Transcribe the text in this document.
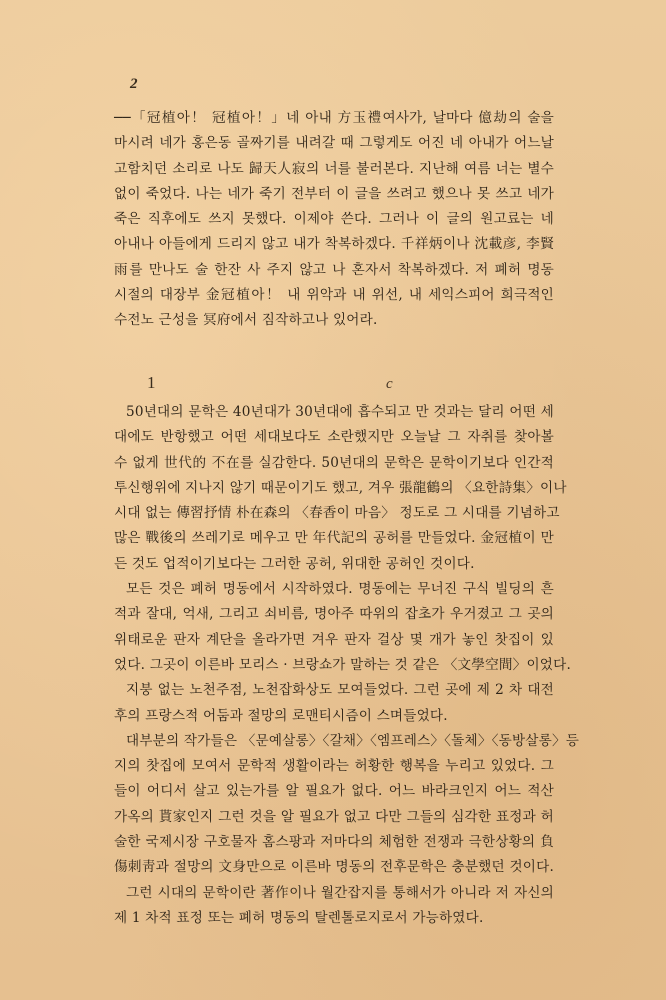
2
──「冠植아！ 冠植아！」네 아내 方玉禮여사가, 날마다 億劫의 술을
마시려 네가 홍은동 골짜기를 내려갈 때 그렇게도 어진 네 아내가 어느날
고함치던 소리로 나도 歸天人寂의 너를 불러본다. 지난해 여름 너는 별수
없이 죽었다. 나는 네가 죽기 전부터 이 글을 쓰려고 했으나 못 쓰고 네가
죽은 직후에도 쓰지 못했다. 이제야 쓴다. 그러나 이 글의 원고료는 네
아내나 아들에게 드리지 않고 내가 착복하겠다. 千祥炳이나 沈載彦, 李賢
雨를 만나도 술 한잔 사 주지 않고 나 혼자서 착복하겠다. 저 폐허 명동
시절의 대장부 金冠植아！ 내 위악과 내 위선, 내 세익스피어 희극적인
수전노 근성을 冥府에서 짐작하고나 있어라.
1	c
50년대의 문학은 40년대가 30년대에 흡수되고 만 것과는 달리 어떤 세
대에도 반항했고 어떤 세대보다도 소란했지만 오늘날 그 자취를 찾아볼
수 없게 世代的 不在를 실감한다. 50년대의 문학은 문학이기보다 인간적
투신행위에 지나지 않기 때문이기도 했고, 겨우 張龍鶴의 〈요한詩集〉이나
시대 없는 傳習抒情 朴在森의 〈春香이 마음〉 정도로 그 시대를 기념하고
많은 戰後의 쓰레기로 메우고 만 年代記의 공허를 만들었다. 金冠植이 만
든 것도 업적이기보다는 그러한 공허, 위대한 공허인 것이다.
모든 것은 폐허 명동에서 시작하였다. 명동에는 무너진 구식 빌딩의 흔
적과 잘대, 억새, 그리고 쇠비름, 명아주 따위의 잡초가 우거졌고 그 곳의
위태로운 판자 계단을 올라가면 겨우 판자 걸상 몇 개가 놓인 찻집이 있
었다. 그곳이 이른바 모리스 · 브랑쇼가 말하는 것 같은 〈文學空間〉이었다.
지붕 없는 노천주점, 노천잡화상도 모여들었다. 그런 곳에 제 2 차 대전
후의 프랑스적 어둠과 절망의 로맨티시즘이 스며들었다.
대부분의 작가들은 〈문예살롱〉〈갈채〉〈엠프레스〉〈돌체〉〈동방살롱〉등
지의 찻집에 모여서 문학적 생활이라는 허황한 행복을 누리고 있었다. 그
들이 어디서 살고 있는가를 알 필요가 없다. 어느 바라크인지 어느 적산
가옥의 貰家인지 그런 것을 알 필요가 없고 다만 그들의 심각한 표정과 허
술한 국제시장 구호물자 홈스팡과 저마다의 체험한 전쟁과 극한상황의 負
傷刺靑과 절망의 文身만으로 이른바 명동의 전후문학은 충분했던 것이다.
그런 시대의 문학이란 著作이나 월간잡지를 통해서가 아니라 저 자신의
제 1 차적 표정 또는 폐허 명동의 탈렌톨로지로서 가능하였다.
